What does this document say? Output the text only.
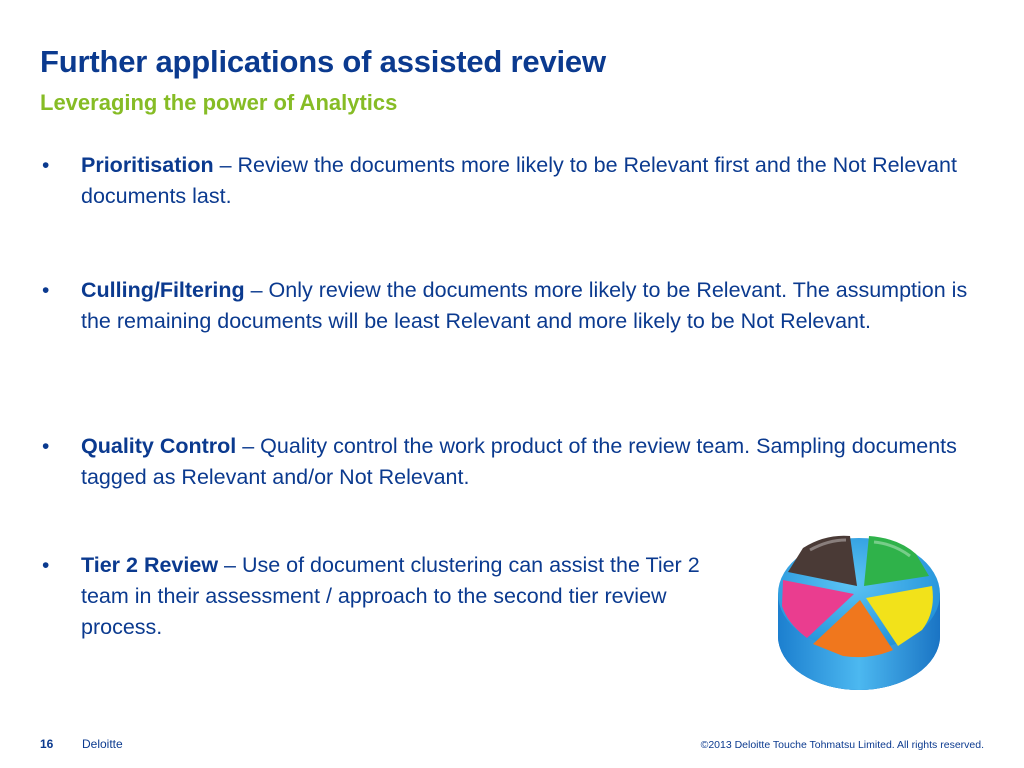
Further applications of assisted review
Leveraging the power of Analytics
• Prioritisation – Review the documents more likely to be Relevant first and the Not Relevant documents last.
• Culling/Filtering – Only review the documents more likely to be Relevant. The assumption is the remaining documents will be least Relevant and more likely to be Not Relevant.
• Quality Control – Quality control the work product of the review team. Sampling documents tagged as Relevant and/or Not Relevant.
• Tier 2 Review – Use of document clustering can assist the Tier 2 team in their assessment / approach to the second tier review process.
16 Deloitte	©2013 Deloitte Touche Tohmatsu Limited. All rights reserved.
